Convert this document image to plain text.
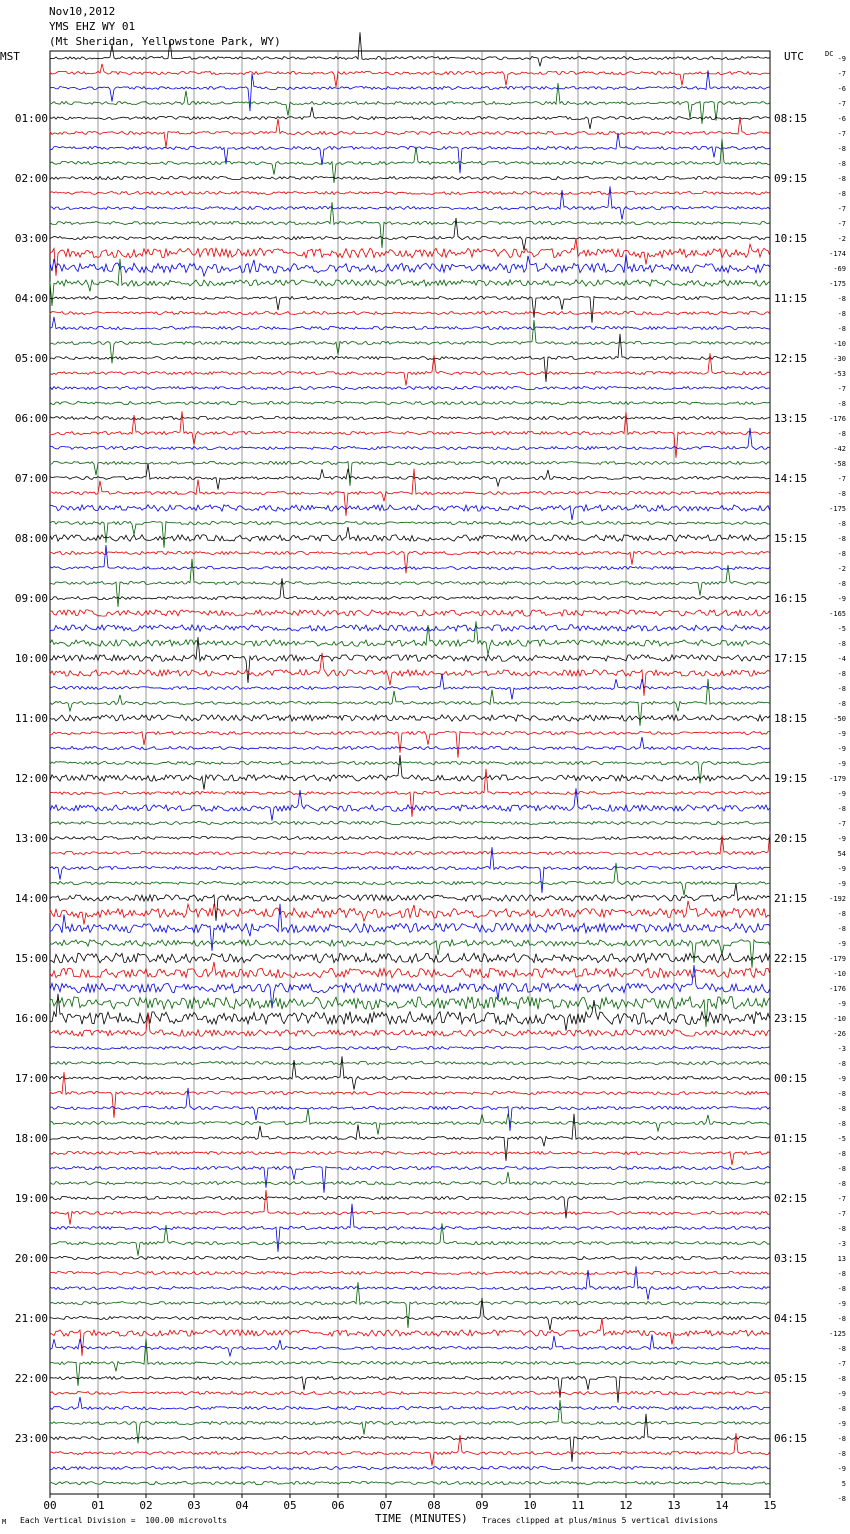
Nov10,2012
YMS EHZ WY 01
(Mt Sheridan, Yellowstone Park, WY)
MST	UTC	DC
00	01	02	03	04	05	06	07	08	09	10	11	12	13	14	15
01:00
02:00
03:00
04:00
05:00
06:00
07:00
08:00
09:00
10:00
11:00
12:00
13:00
14:00
15:00
16:00
17:00
18:00
19:00
20:00
21:00
22:00
23:00
08:15
09:15
10:15
11:15
12:15
13:15
14:15
15:15
16:15
17:15
18:15
19:15
20:15
21:15
22:15
23:15
00:15
01:15
02:15
03:15
04:15
05:15
06:15
-9
-7
-6
-7
-6
-7
-8
-8
-8
-8
-7
-7
-2
-174
-69
-175
-8
-8
-8
-10
-30
-53
-7
-8
-176
-8
-42
-58
-7
-8
-175
-8
-8
-8
-2
-8
-9
-165
-5
-8
-4
-8
-8
-8
-50
-9
-9
-9
-179
-9
-8
-7
-9
54
-9
-9
-192
-8
-8
-9
-179
-10
-176
-9
-10
-26
-3
-8
-9
-8
-8
-8
-5
-8
-8
-8
-7
-7
-8
-3
13
-8
-8
-9
-8
-125
-8
-7
-8
-9
-8
-9
-8
-8
-9
5
-8
M Each Vertical Division =  100.00 microvolts	TIME (MINUTES) Traces clipped at plus/minus 5 vertical divisions
